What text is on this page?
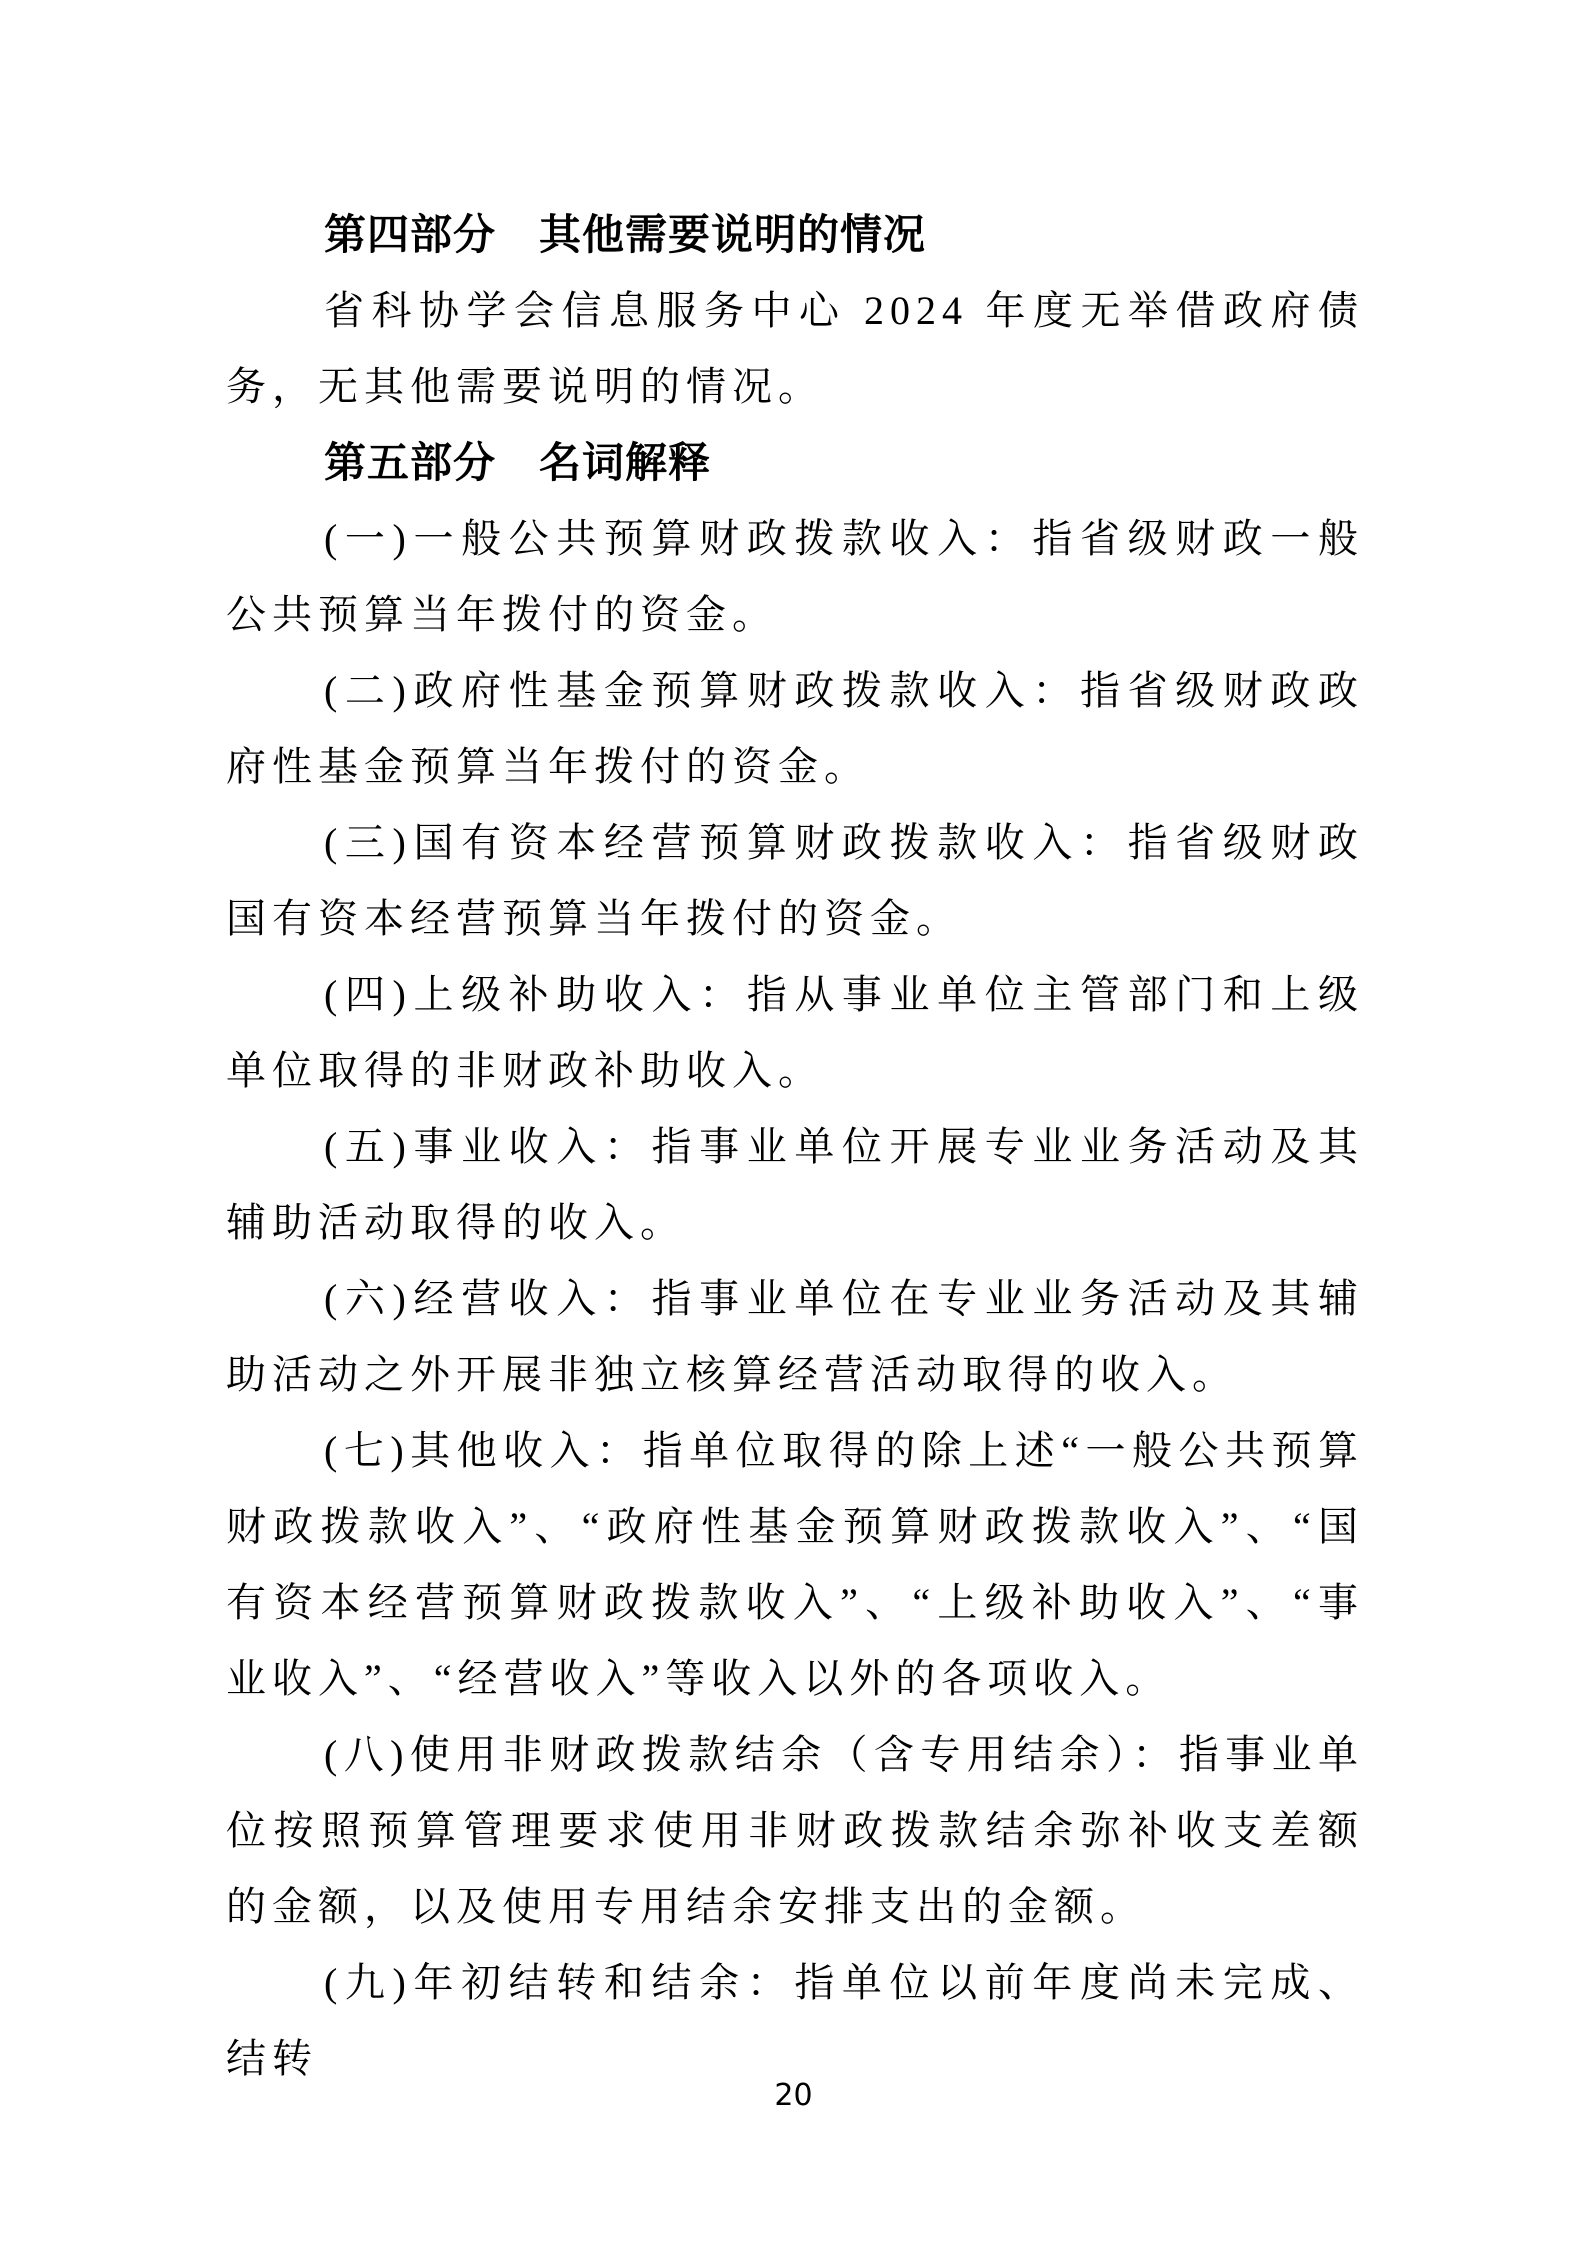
第四部分　其他需要说明的情况

省科协学会信息服务中心 2024 年度无举借政府债务，无其他需要说明的情况。

第五部分　名词解释

(一)一般公共预算财政拨款收入：指省级财政一般公共预算当年拨付的资金。

(二)政府性基金预算财政拨款收入：指省级财政政府性基金预算当年拨付的资金。

(三)国有资本经营预算财政拨款收入：指省级财政国有资本经营预算当年拨付的资金。

(四)上级补助收入：指从事业单位主管部门和上级单位取得的非财政补助收入。

(五)事业收入：指事业单位开展专业业务活动及其辅助活动取得的收入。

(六)经营收入：指事业单位在专业业务活动及其辅助活动之外开展非独立核算经营活动取得的收入。

(七)其他收入：指单位取得的除上述“一般公共预算财政拨款收入”、“政府性基金预算财政拨款收入”、“国有资本经营预算财政拨款收入”、“上级补助收入”、“事业收入”、“经营收入”等收入以外的各项收入。

(八)使用非财政拨款结余（含专用结余）：指事业单位按照预算管理要求使用非财政拨款结余弥补收支差额的金额，以及使用专用结余安排支出的金额。

(九)年初结转和结余：指单位以前年度尚未完成、结转

20
